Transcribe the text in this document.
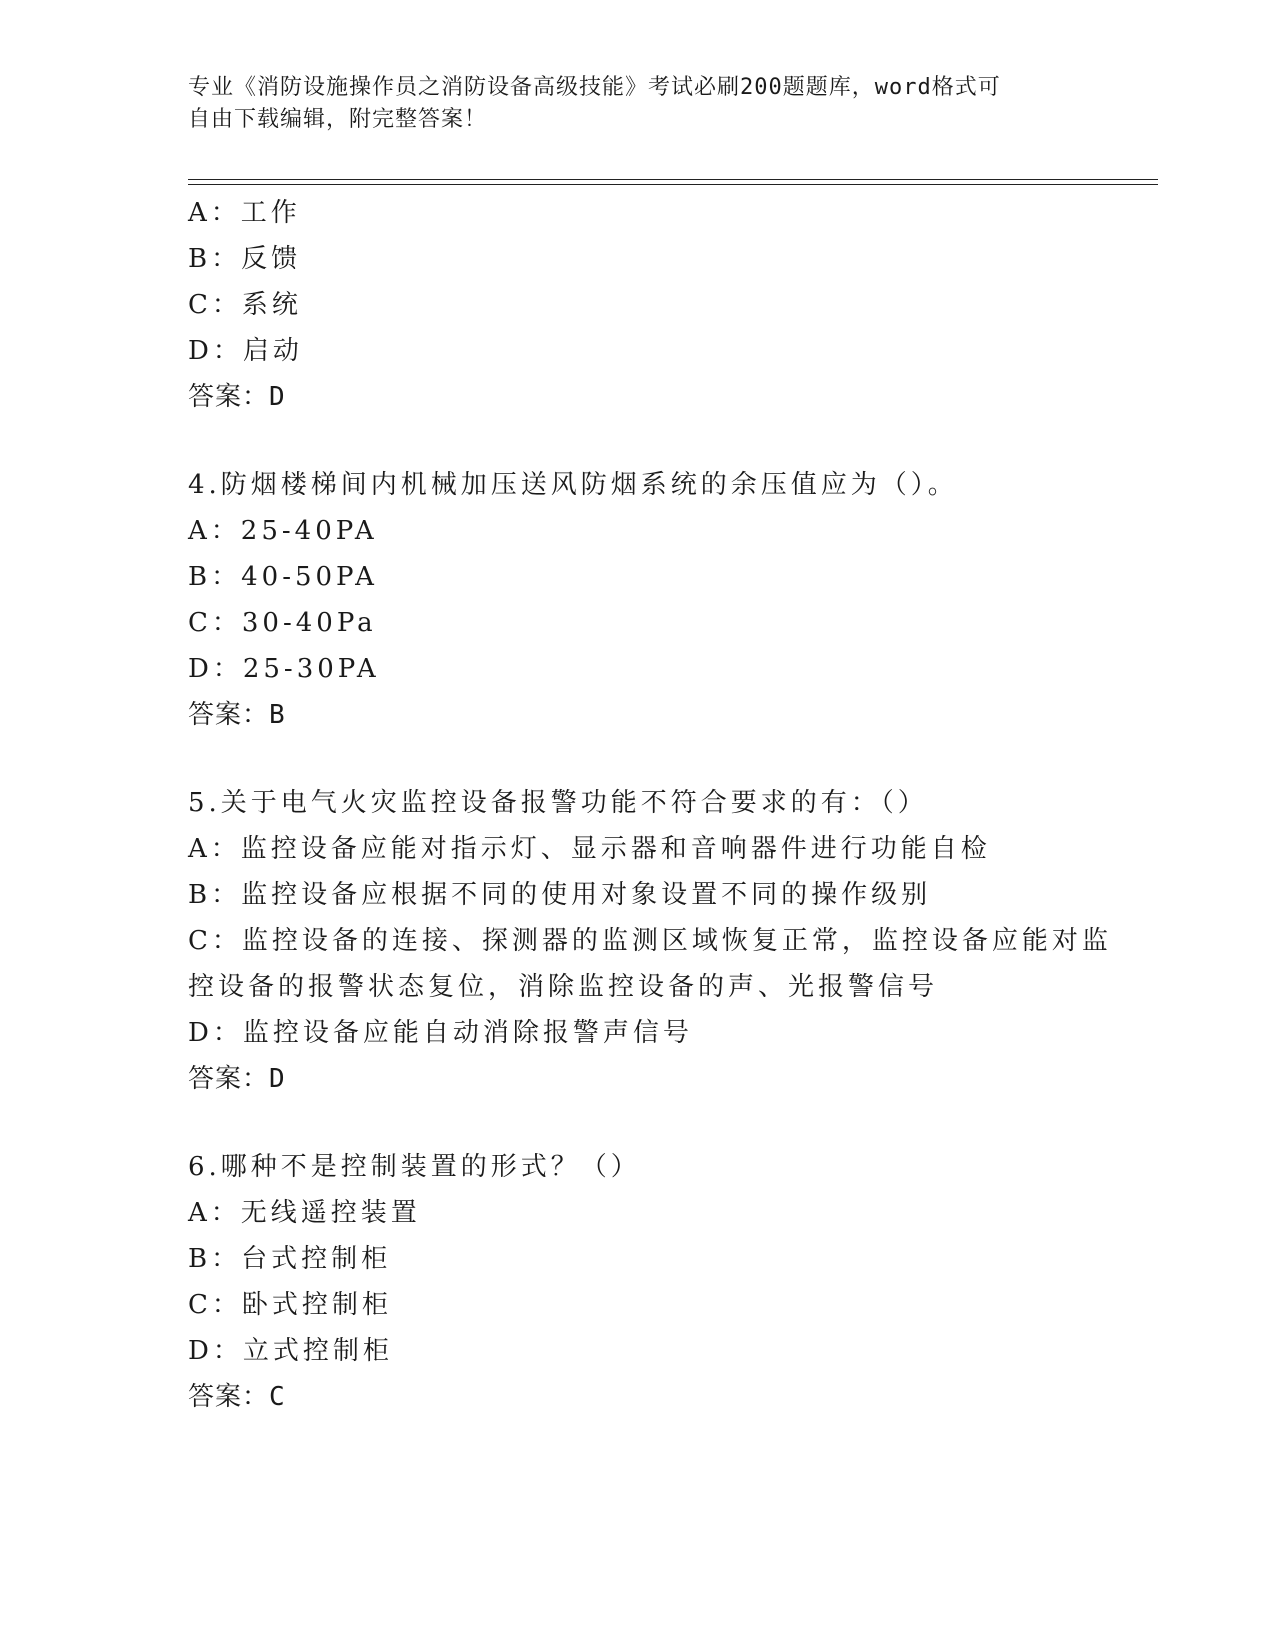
专业《消防设施操作员之消防设备高级技能》考试必刷200题题库，word格式可

自由下载编辑，附完整答案！

A：工作
B：反馈
C：系统
D：启动
答案：D
4.防烟楼梯间内机械加压送风防烟系统的余压值应为（）。
A：25-40PA
B：40-50PA
C：30-40Pa
D：25-30PA
答案：B
5.关于电气火灾监控设备报警功能不符合要求的有：（）
A：监控设备应能对指示灯、显示器和音响器件进行功能自检
B：监控设备应根据不同的使用对象设置不同的操作级别
C：监控设备的连接、探测器的监测区域恢复正常，监控设备应能对监
控设备的报警状态复位，消除监控设备的声、光报警信号
D：监控设备应能自动消除报警声信号
答案：D
6.哪种不是控制装置的形式？（）
A：无线遥控装置
B：台式控制柜
C：卧式控制柜
D：立式控制柜
答案：C
